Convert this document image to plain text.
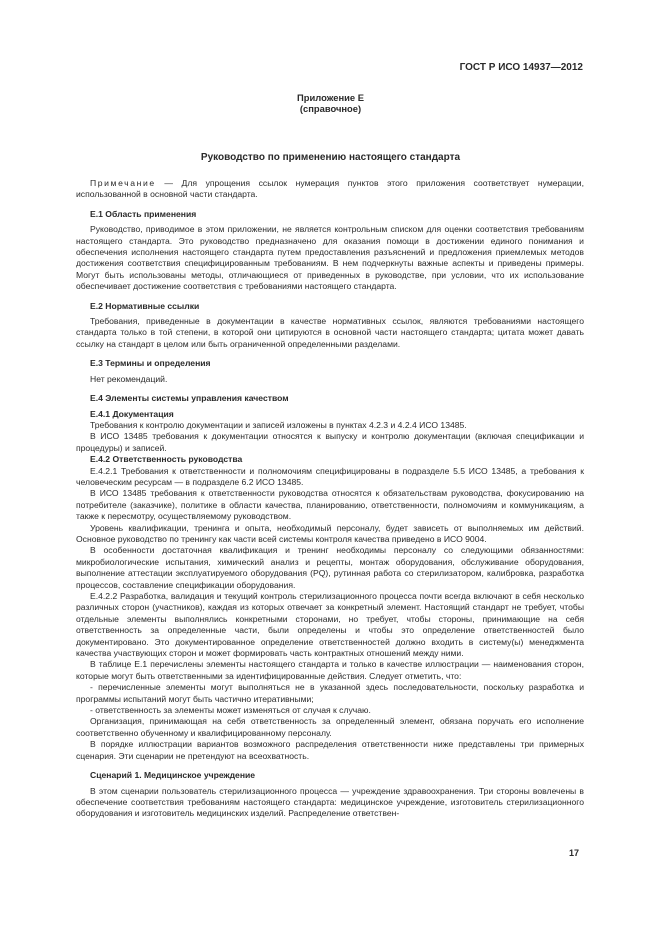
ГОСТ Р ИСО 14937—2012
Приложение Е
(справочное)
Руководство по применению настоящего стандарта

Примечание — Для упрощения ссылок нумерация пунктов этого приложения соответствует нумерации, использованной в основной части стандарта.

Е.1 Область применения

Руководство, приводимое в этом приложении, не является контрольным списком для оценки соответствия требованиям настоящего стандарта. Это руководство предназначено для оказания помощи в достижении единого понимания и обеспечения исполнения настоящего стандарта путем предоставления разъяснений и предложения приемлемых методов достижения соответствия специфицированным требованиям. В нем подчеркнуты важные аспекты и приведены примеры. Могут быть использованы методы, отличающиеся от приведенных в руководстве, при условии, что их использование обеспечивает достижение соответствия с требованиями настоящего стандарта.

Е.2 Нормативные ссылки

Требования, приведенные в документации в качестве нормативных ссылок, являются требованиями настоящего стандарта только в той степени, в которой они цитируются в основной части настоящего стандарта; цитата может давать ссылку на стандарт в целом или быть ограниченной определенными разделами.

Е.3 Термины и определения

Нет рекомендаций.

Е.4 Элементы системы управления качеством

Е.4.1 Документация

Требования к контролю документации и записей изложены в пунктах 4.2.3 и 4.2.4 ИСО 13485.

В ИСО 13485 требования к документации относятся к выпуску и контролю документации (включая спецификации и процедуры) и записей.

Е.4.2 Ответственность руководства

Е.4.2.1 Требования к ответственности и полномочиям специфицированы в подразделе 5.5 ИСО 13485, а требования к человеческим ресурсам — в подразделе 6.2 ИСО 13485.

В ИСО 13485 требования к ответственности руководства относятся к обязательствам руководства, фокусированию на потребителе (заказчике), политике в области качества, планированию, ответственности, полномочиям и коммуникациям, а также к пересмотру, осуществляемому руководством.

Уровень квалификации, тренинга и опыта, необходимый персоналу, будет зависеть от выполняемых им действий. Основное руководство по тренингу как части всей системы контроля качества приведено в ИСО 9004.

В особенности достаточная квалификация и тренинг необходимы персоналу со следующими обязанностями: микробиологические испытания, химический анализ и рецепты, монтаж оборудования, обслуживание оборудования, выполнение аттестации эксплуатируемого оборудования (PQ), рутинная работа со стерилизатором, калибровка, разработка процессов, составление спецификации оборудования.

Е.4.2.2 Разработка, валидация и текущий контроль стерилизационного процесса почти всегда включают в себя несколько различных сторон (участников), каждая из которых отвечает за конкретный элемент. Настоящий стандарт не требует, чтобы отдельные элементы выполнялись конкретными сторонами, но требует, чтобы стороны, принимающие на себя ответственность за определенные части, были определены и чтобы это определение ответственностей было документировано. Это документированное определение ответственностей должно входить в систему(ы) менеджмента качества участвующих сторон и может формировать часть контрактных отношений между ними.

В таблице Е.1 перечислены элементы настоящего стандарта и только в качестве иллюстрации — наименования сторон, которые могут быть ответственными за идентифицированные действия. Следует отметить, что:

- перечисленные элементы могут выполняться не в указанной здесь последовательности, поскольку разработка и программы испытаний могут быть частично итеративными;

- ответственность за элементы может изменяться от случая к случаю.

Организация, принимающая на себя ответственность за определенный элемент, обязана поручать его исполнение соответственно обученному и квалифицированному персоналу.

В порядке иллюстрации вариантов возможного распределения ответственности ниже представлены три примерных сценария. Эти сценарии не претендуют на всеохватность.

Сценарий 1. Медицинское учреждение

В этом сценарии пользователь стерилизационного процесса — учреждение здравоохранения. Три стороны вовлечены в обеспечение соответствия требованиям настоящего стандарта: медицинское учреждение, изготовитель стерилизационного оборудования и изготовитель медицинских изделий. Распределение ответствен-

17
